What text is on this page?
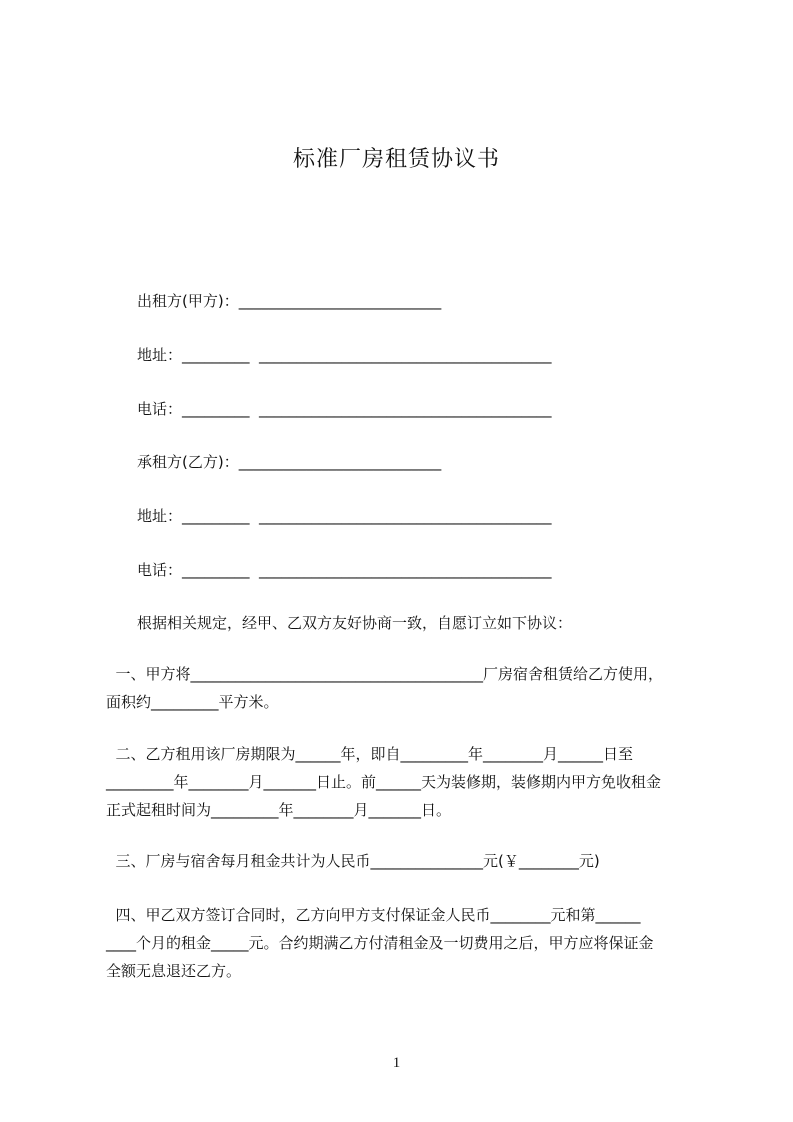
标准厂房租赁协议书
出租方(甲方)：___________________________
地址：_________  _______________________________________
电话：_________  _______________________________________
承租方(乙方)：___________________________
地址：_________  _______________________________________
电话：_________  _______________________________________
根据相关规定，经甲、乙双方友好协商一致，自愿订立如下协议：
一、甲方将_______________________________________厂房宿舍租赁给乙方使用，
面积约_________平方米。
二、乙方租用该厂房期限为______年，即自_________年________月______日至
_________年________月_______日止。前______天为装修期，装修期内甲方免收租金
正式起租时间为_________年________月_______日。
三、厂房与宿舍每月租金共计为人民币_______________元(￥________元)
四、甲乙双方签订合同时，乙方向甲方支付保证金人民币________元和第______
____个月的租金_____元。合约期满乙方付清租金及一切费用之后，甲方应将保证金
全额无息退还乙方。
1
